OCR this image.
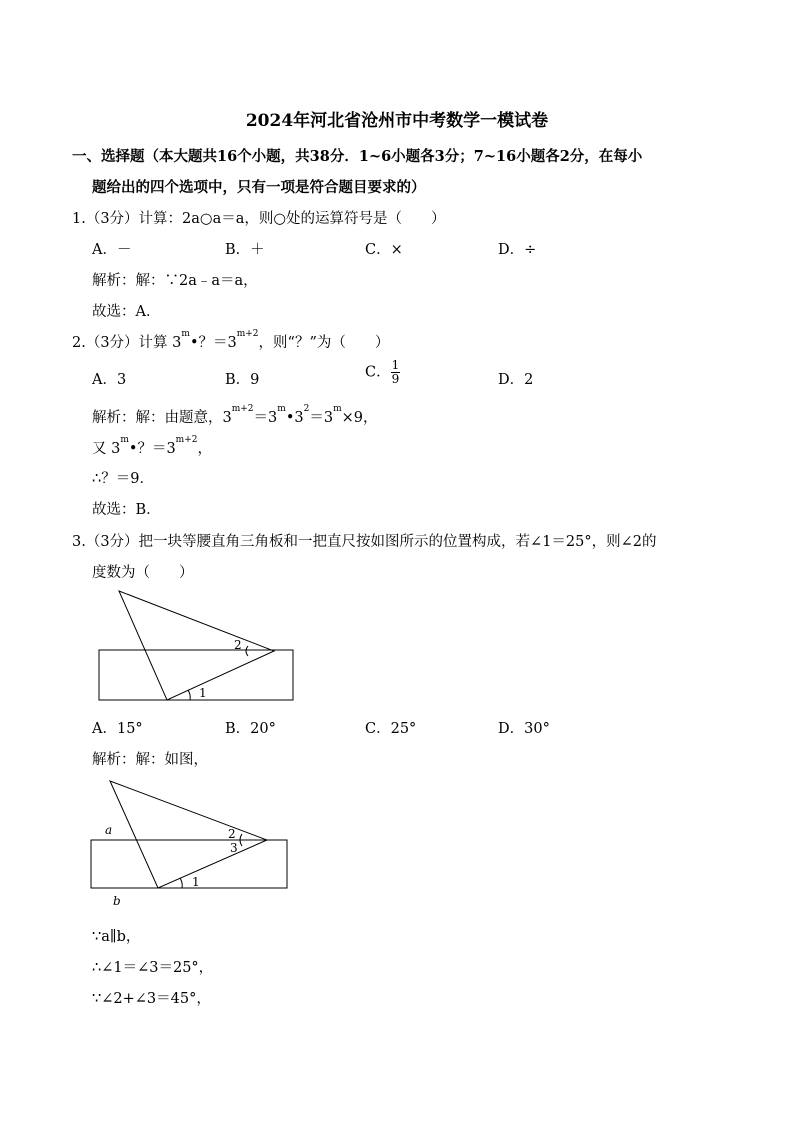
2024年河北省沧州市中考数学一模试卷
一、选择题（本大题共16个小题，共38分．1~6小题各3分；7~16小题各2分，在每小
题给出的四个选项中，只有一项是符合题目要求的）
1.（3分）计算：2a○a＝a，则○处的运算符号是（　　）
A．－	B．＋	C．×	D．÷
解析：解：∵2a﹣a＝a，
故选：A．
2.（3分）计算 $3^m•$？$=3^{m+2}$，则“？”为（　　）
A．3	B．9	C． $\frac{1}{9}$	D．2
解析：解：由题意，$3^{m+2}=3^m•3^2=3^m\times 9$，
又 $3^m•$？$=3^{m+2}$，
∴？＝9．
故选：B．
3.（3分）把一块等腰直角三角板和一把直尺按如图所示的位置构成，若∠1＝25°，则∠2的
度数为（　　）
2
1
A．15°	B．20°	C．25°	D．30°
解析：解：如图，
a
b
2
3
1
∵a∥b，
∴∠1＝∠3＝25°，
∵∠2+∠3＝45°，
